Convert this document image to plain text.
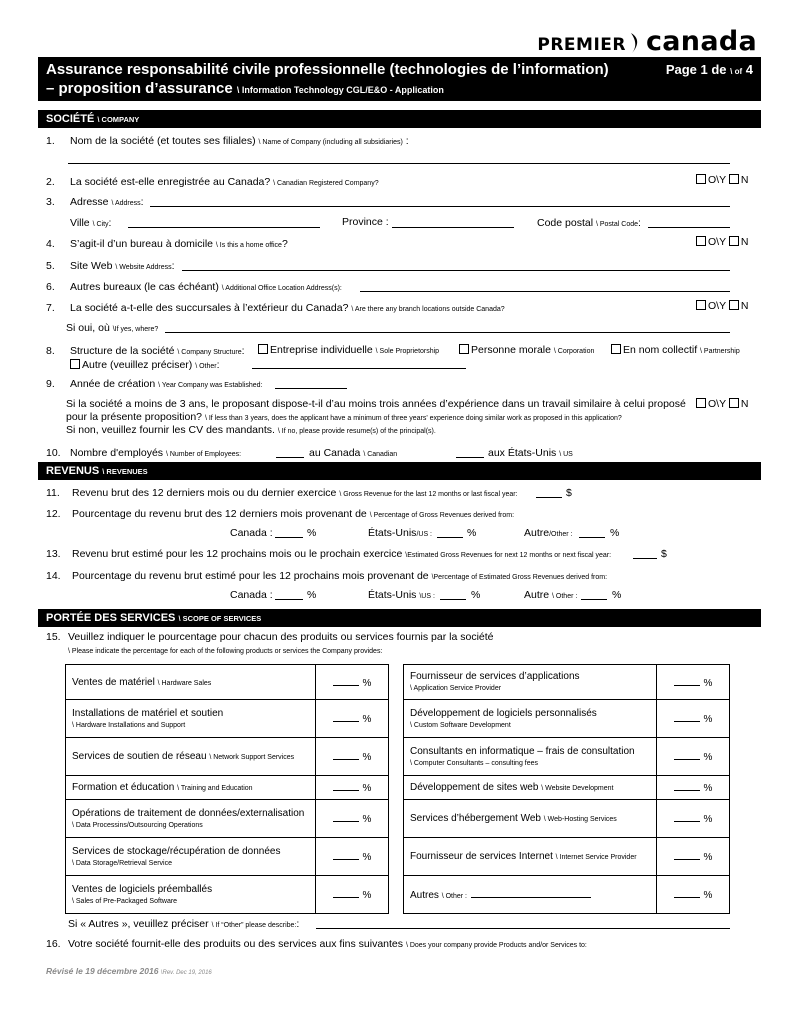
PREMIER canada
Assurance responsabilité civile professionnelle (technologies de l’information)
– proposition d’assurance \ Information Technology CGL/E&O - Application
Page 1 de \ of 4
SOCIÉTÉ \ COMPANY
1. Nom de la société (et toutes ses filiales) \ Name of Company (including all subsidiaries) :
2. La société est-elle enregistrée au Canada? \ Canadian Registered Company?	O\Y N
3. Adresse \ Address:
Ville \ City:	Province :	Code postal \ Postal Code:
4. S’agit-il d’un bureau à domicile \ Is this a home office?	O\Y N
5. Site Web \ Website Address:
6. Autres bureaux (le cas échéant) \ Additional Office Location Address(s):
7. La société a-t-elle des succursales à l’extérieur du Canada? \ Are there any branch locations outside Canada?	O\Y N
Si oui, où \If yes, where?
8. Structure de la société \ Company Structure:	Entreprise individuelle \ Sole Proprietorship	Personne morale \ Corporation	En nom collectif \ Partnership
Autre (veuillez préciser) \ Other:
9. Année de création \ Year Company was Established:
Si la société a moins de 3 ans, le proposant dispose-t-il d’au moins trois années d’expérience dans un travail similaire à celui proposé
pour la présente proposition? \ If less than 3 years, does the applicant have a minimum of three years' experience doing similar work as proposed in this application?
Si non, veuillez fournir les CV des mandants. \ If no, please provide resume(s) of the principal(s).
O\Y N
10. Nombre d'employés \ Number of Employees:	au Canada \ Canadian	aux États-Unis \ US
REVENUS \ REVENUES
11. Revenu brut des 12 derniers mois ou du dernier exercice \ Gross Revenue for the last 12 months or last fiscal year:	$
12. Pourcentage du revenu brut des 12 derniers mois provenant de \ Percentage of Gross Revenues derived from:
Canada :	%	États-Unis/US :	%	Autre/Other :	%
13. Revenu brut estimé pour les 12 prochains mois ou le prochain exercice \Estimated Gross Revenues for next 12 months or next fiscal year:	$
14. Pourcentage du revenu brut estimé pour les 12 prochains mois provenant de \Percentage of Estimated Gross Revenues derived from:
Canada :	%	États-Unis \US :	%	Autre \ Other :	%
PORTÉE DES SERVICES \ SCOPE OF SERVICES
15. Veuillez indiquer le pourcentage pour chacun des produits ou services fournis par la société
\ Please indicate the percentage for each of the following products or services the Company provides:
Ventes de matériel \ Hardware Sales	%
Installations de matériel et soutien
\ Hardware Installations and Support	%
Services de soutien de réseau \ Network Support Services	%
Formation et éducation \ Training and Education	%
Opérations de traitement de données/externalisation
\ Data Processins/Outsourcing Operations	%
Services de stockage/récupération de données
\ Data Storage/Retrieval Service	%
Ventes de logiciels préemballés
\ Sales of Pre-Packaged Software	%
Fournisseur de services d’applications
\ Application Service Provider	%
Développement de logiciels personnalisés
\ Custom Software Development	%
Consultants en informatique – frais de consultation
\ Computer Consultants – consulting fees	%
Développement de sites web \ Website Development	%
Services d’hébergement Web \ Web-Hosting Services	%
Fournisseur de services Internet \ Internet Service Provider	%
Autres \ Other :	%
Si « Autres », veuillez préciser \ If “Other” please describe::
16. Votre société fournit-elle des produits ou des services aux fins suivantes \ Does your company provide Products and/or Services to:
Révisé le 19 décembre 2016 \Rev. Dec 19, 2016
